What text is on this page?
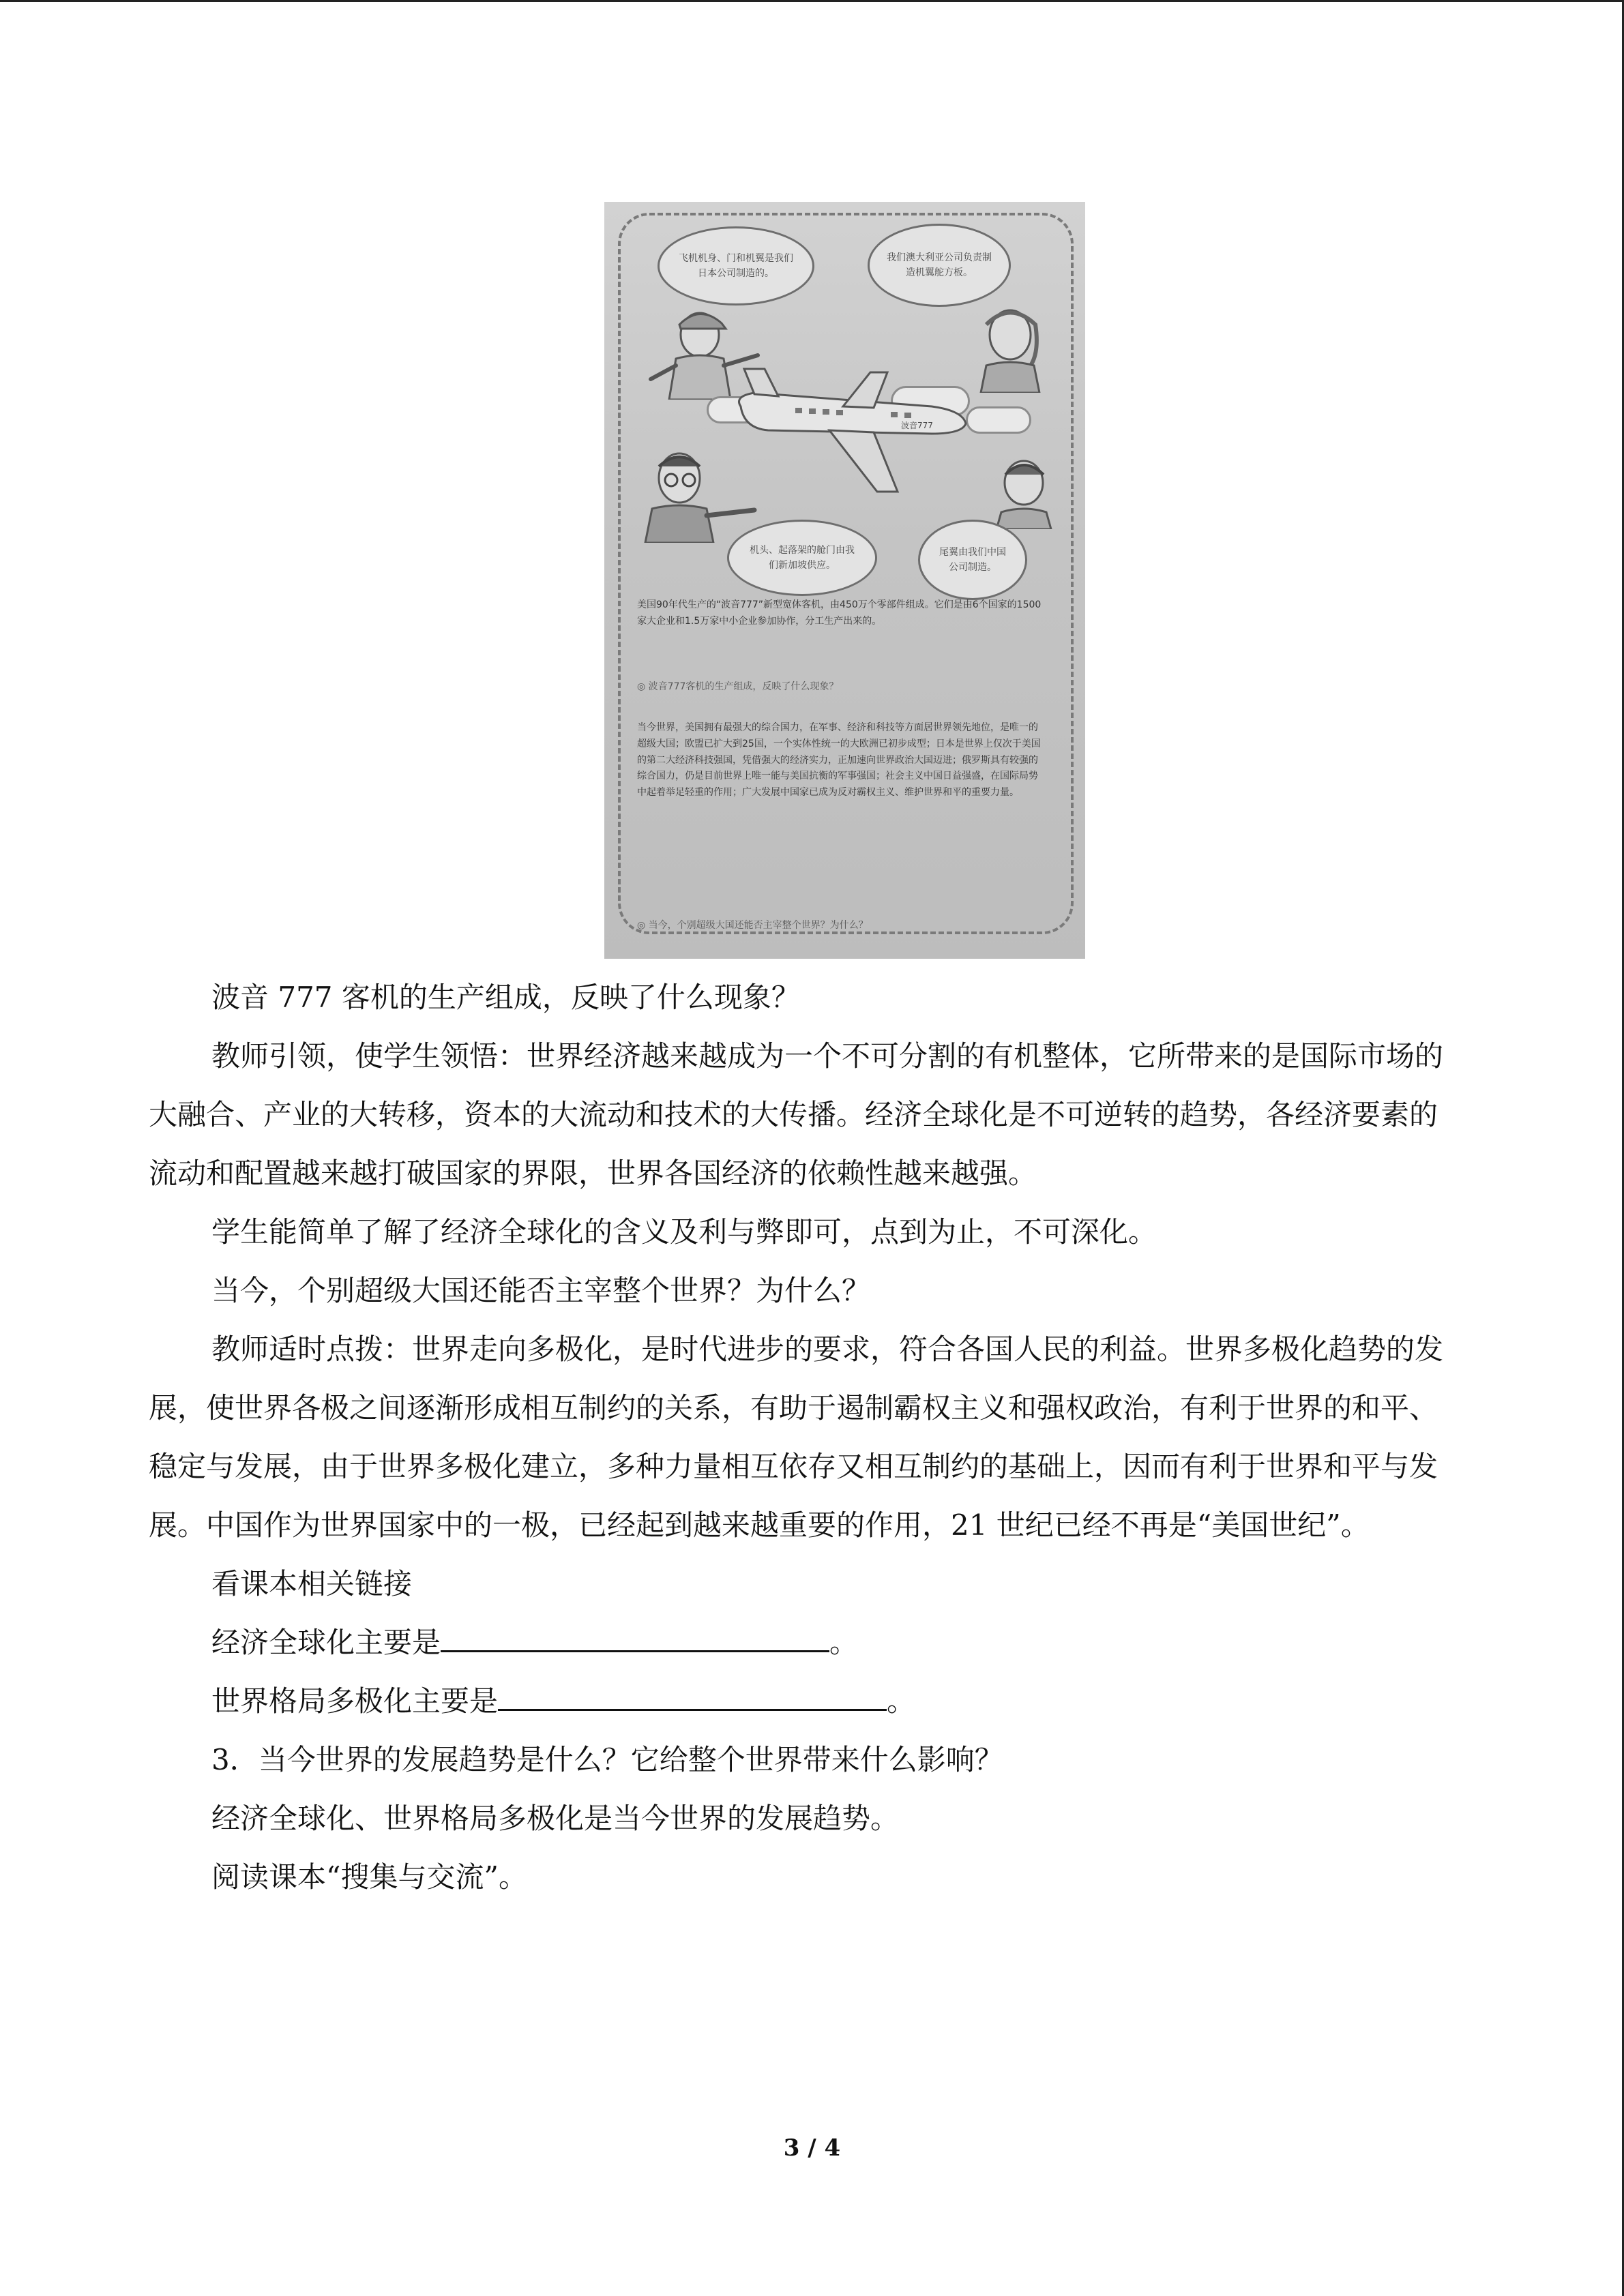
飞机机身、门和机翼是我们日本公司制造的。
我们澳大利亚公司负责制造机翼舵方板。
波音777
机头、起落架的舱门由我们新加坡供应。
尾翼由我们中国公司制造。
美国90年代生产的“波音777”新型宽体客机，由450万个零部件组成。它们是由6个国家的1500家大企业和1.5万家中小企业参加协作，分工生产出来的。
◎ 波音777客机的生产组成，反映了什么现象？
当今世界，美国拥有最强大的综合国力，在军事、经济和科技等方面居世界领先地位，是唯一的超级大国；欧盟已扩大到25国，一个实体性统一的大欧洲已初步成型；日本是世界上仅次于美国的第二大经济科技强国，凭借强大的经济实力，正加速向世界政治大国迈进；俄罗斯具有较强的综合国力，仍是目前世界上唯一能与美国抗衡的军事强国；社会主义中国日益强盛，在国际局势中起着举足轻重的作用；广大发展中国家已成为反对霸权主义、维护世界和平的重要力量。
◎ 当今，个别超级大国还能否主宰整个世界？为什么？

波音 777 客机的生产组成，反映了什么现象？

教师引领，使学生领悟：世界经济越来越成为一个不可分割的有机整体，它所带来的是国际市场的大融合、产业的大转移，资本的大流动和技术的大传播。经济全球化是不可逆转的趋势，各经济要素的流动和配置越来越打破国家的界限，世界各国经济的依赖性越来越强。

学生能简单了解了经济全球化的含义及利与弊即可，点到为止，不可深化。

当今，个别超级大国还能否主宰整个世界？为什么？

教师适时点拨：世界走向多极化，是时代进步的要求，符合各国人民的利益。世界多极化趋势的发展，使世界各极之间逐渐形成相互制约的关系，有助于遏制霸权主义和强权政治，有利于世界的和平、稳定与发展，由于世界多极化建立，多种力量相互依存又相互制约的基础上，因而有利于世界和平与发展。中国作为世界国家中的一极，已经起到越来越重要的作用，21 世纪已经不再是“美国世纪”。

看课本相关链接

经济全球化主要是	。

世界格局多极化主要是	。

3．当今世界的发展趋势是什么？它给整个世界带来什么影响？

经济全球化、世界格局多极化是当今世界的发展趋势。

阅读课本“搜集与交流”。

3 / 4
